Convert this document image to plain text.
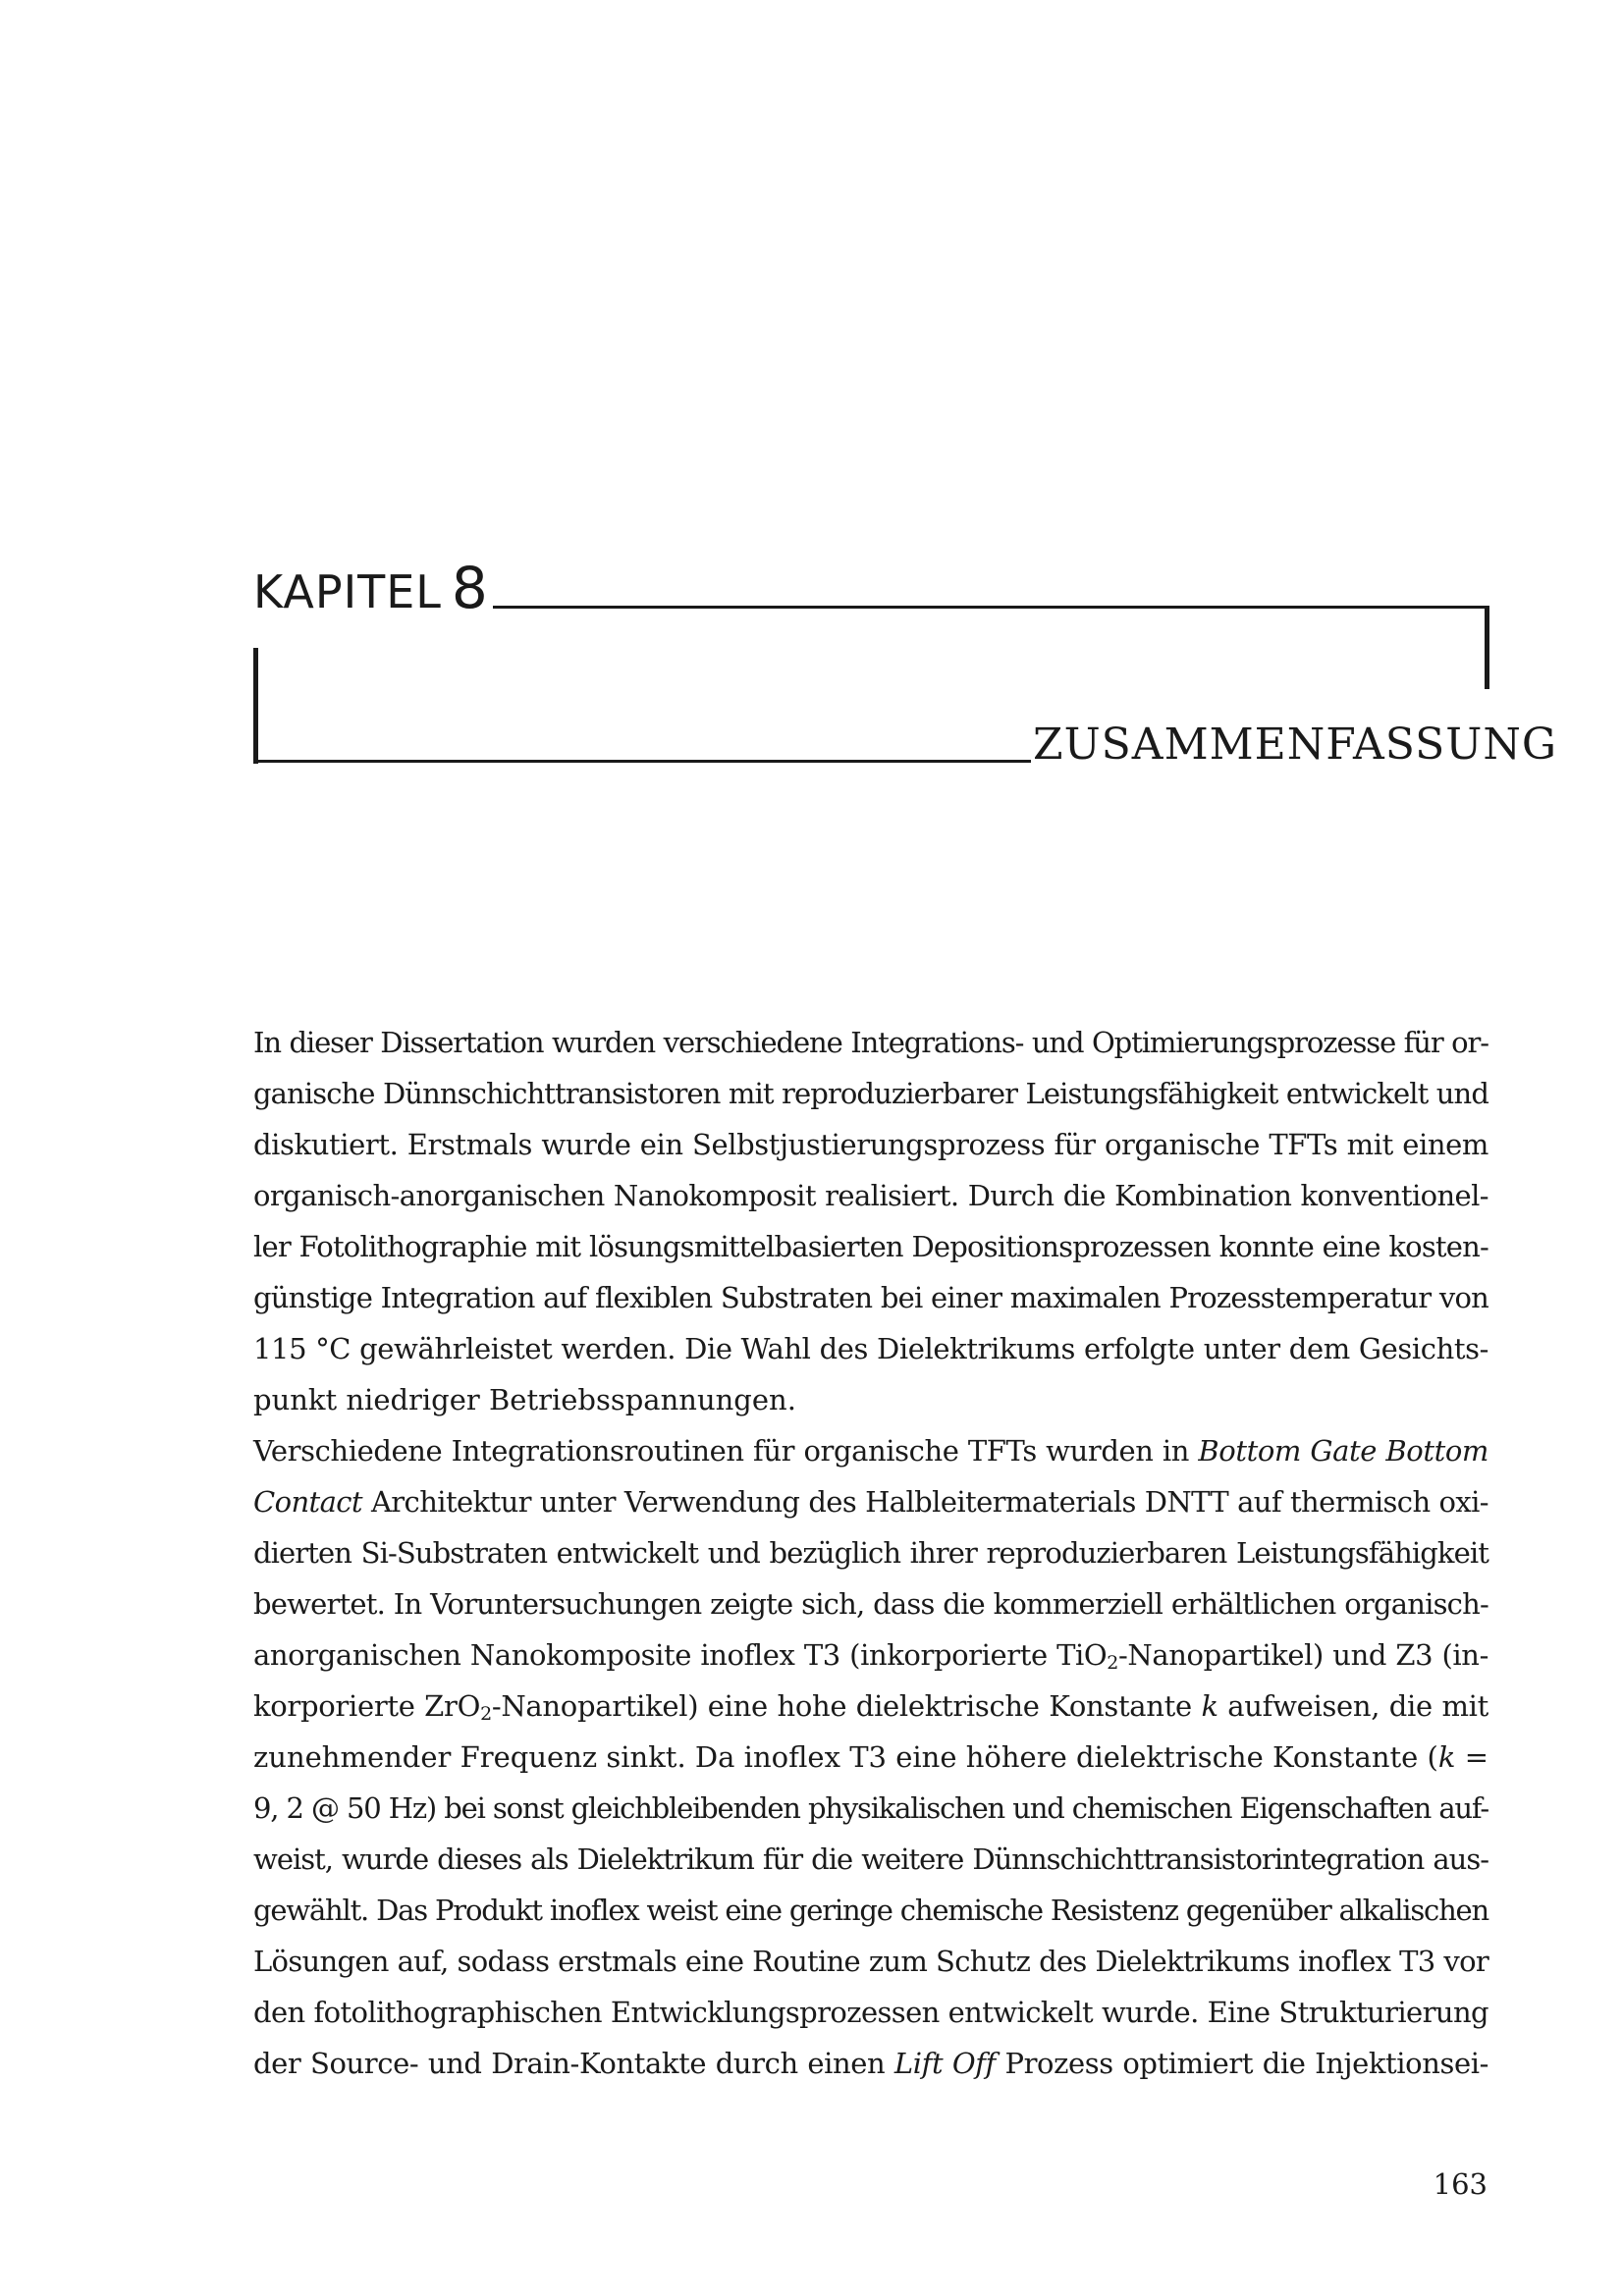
KAPITEL 8
ZUSAMMENFASSUNG
In dieser Dissertation wurden verschiedene Integrations- und Optimierungsprozesse für or-
ganische Dünnschichttransistoren mit reproduzierbarer Leistungsfähigkeit entwickelt und
diskutiert. Erstmals wurde ein Selbstjustierungsprozess für organische TFTs mit einem
organisch-anorganischen Nanokomposit realisiert. Durch die Kombination konventionel-
ler Fotolithographie mit lösungsmittelbasierten Depositionsprozessen konnte eine kosten-
günstige Integration auf flexiblen Substraten bei einer maximalen Prozesstemperatur von
115 °C gewährleistet werden. Die Wahl des Dielektrikums erfolgte unter dem Gesichts-
punkt niedriger Betriebsspannungen.
Verschiedene Integrationsroutinen für organische TFTs wurden in Bottom Gate Bottom
Contact Architektur unter Verwendung des Halbleitermaterials DNTT auf thermisch oxi-
dierten Si-Substraten entwickelt und bezüglich ihrer reproduzierbaren Leistungsfähigkeit
bewertet. In Voruntersuchungen zeigte sich, dass die kommerziell erhältlichen organisch-
anorganischen Nanokomposite inoflex T3 (inkorporierte TiO$_2$-Nanopartikel) und Z3 (in-
korporierte ZrO$_2$-Nanopartikel) eine hohe dielektrische Konstante k aufweisen, die mit
zunehmender Frequenz sinkt. Da inoflex T3 eine höhere dielektrische Konstante (k =
9, 2 @ 50 Hz) bei sonst gleichbleibenden physikalischen und chemischen Eigenschaften auf-
weist, wurde dieses als Dielektrikum für die weitere Dünnschichttransistorintegration aus-
gewählt. Das Produkt inoflex weist eine geringe chemische Resistenz gegenüber alkalischen
Lösungen auf, sodass erstmals eine Routine zum Schutz des Dielektrikums inoflex T3 vor
den fotolithographischen Entwicklungsprozessen entwickelt wurde. Eine Strukturierung
der Source- und Drain-Kontakte durch einen Lift Off Prozess optimiert die Injektionsei-
163
